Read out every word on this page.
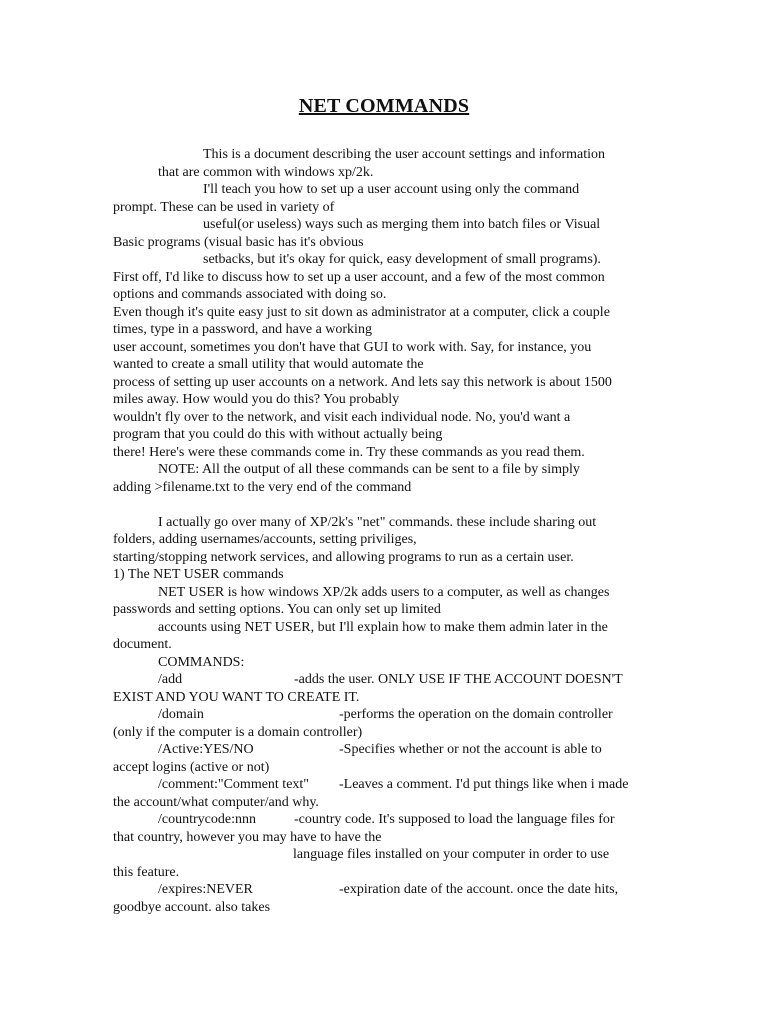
NET COMMANDS
This is a document describing the user account settings and information
that are common with windows xp/2k.
I'll teach you how to set up a user account using only the command
prompt. These can be used in variety of
useful(or useless) ways such as merging them into batch files or Visual
Basic programs (visual basic has it's obvious
setbacks, but it's okay for quick, easy development of small programs).
First off, I'd like to discuss how to set up a user account, and a few of the most common
options and commands associated with doing so.
Even though it's quite easy just to sit down as administrator at a computer, click a couple
times, type in a password, and have a working
user account, sometimes you don't have that GUI to work with. Say, for instance, you
wanted to create a small utility that would automate the
process of setting up user accounts on a network. And lets say this network is about 1500
miles away. How would you do this? You probably
wouldn't fly over to the network, and visit each individual node. No, you'd want a
program that you could do this with without actually being
there! Here's were these commands come in. Try these commands as you read them.
NOTE: All the output of all these commands can be sent to a file by simply
adding >filename.txt to the very end of the command
I actually go over many of XP/2k's "net" commands. these include sharing out
folders, adding usernames/accounts, setting priviliges,
starting/stopping network services, and allowing programs to run as a certain user.
1) The NET USER commands
NET USER is how windows XP/2k adds users to a computer, as well as changes
passwords and setting options. You can only set up limited
accounts using NET USER, but I'll explain how to make them admin later in the
document.
COMMANDS:
/add	-adds the user. ONLY USE IF THE ACCOUNT DOESN'T
EXIST AND YOU WANT TO CREATE IT.
/domain	-performs the operation on the domain controller
(only if the computer is a domain controller)
/Active:YES/NO	-Specifies whether or not the account is able to
accept logins (active or not)
/comment:"Comment text" -Leaves a comment. I'd put things like when i made
the account/what computer/and why.
/countrycode:nnn	-country code. It's supposed to load the language files for
that country, however you may have to have the
language files installed on your computer in order to use
this feature.
/expires:NEVER	-expiration date of the account. once the date hits,
goodbye account. also takes
